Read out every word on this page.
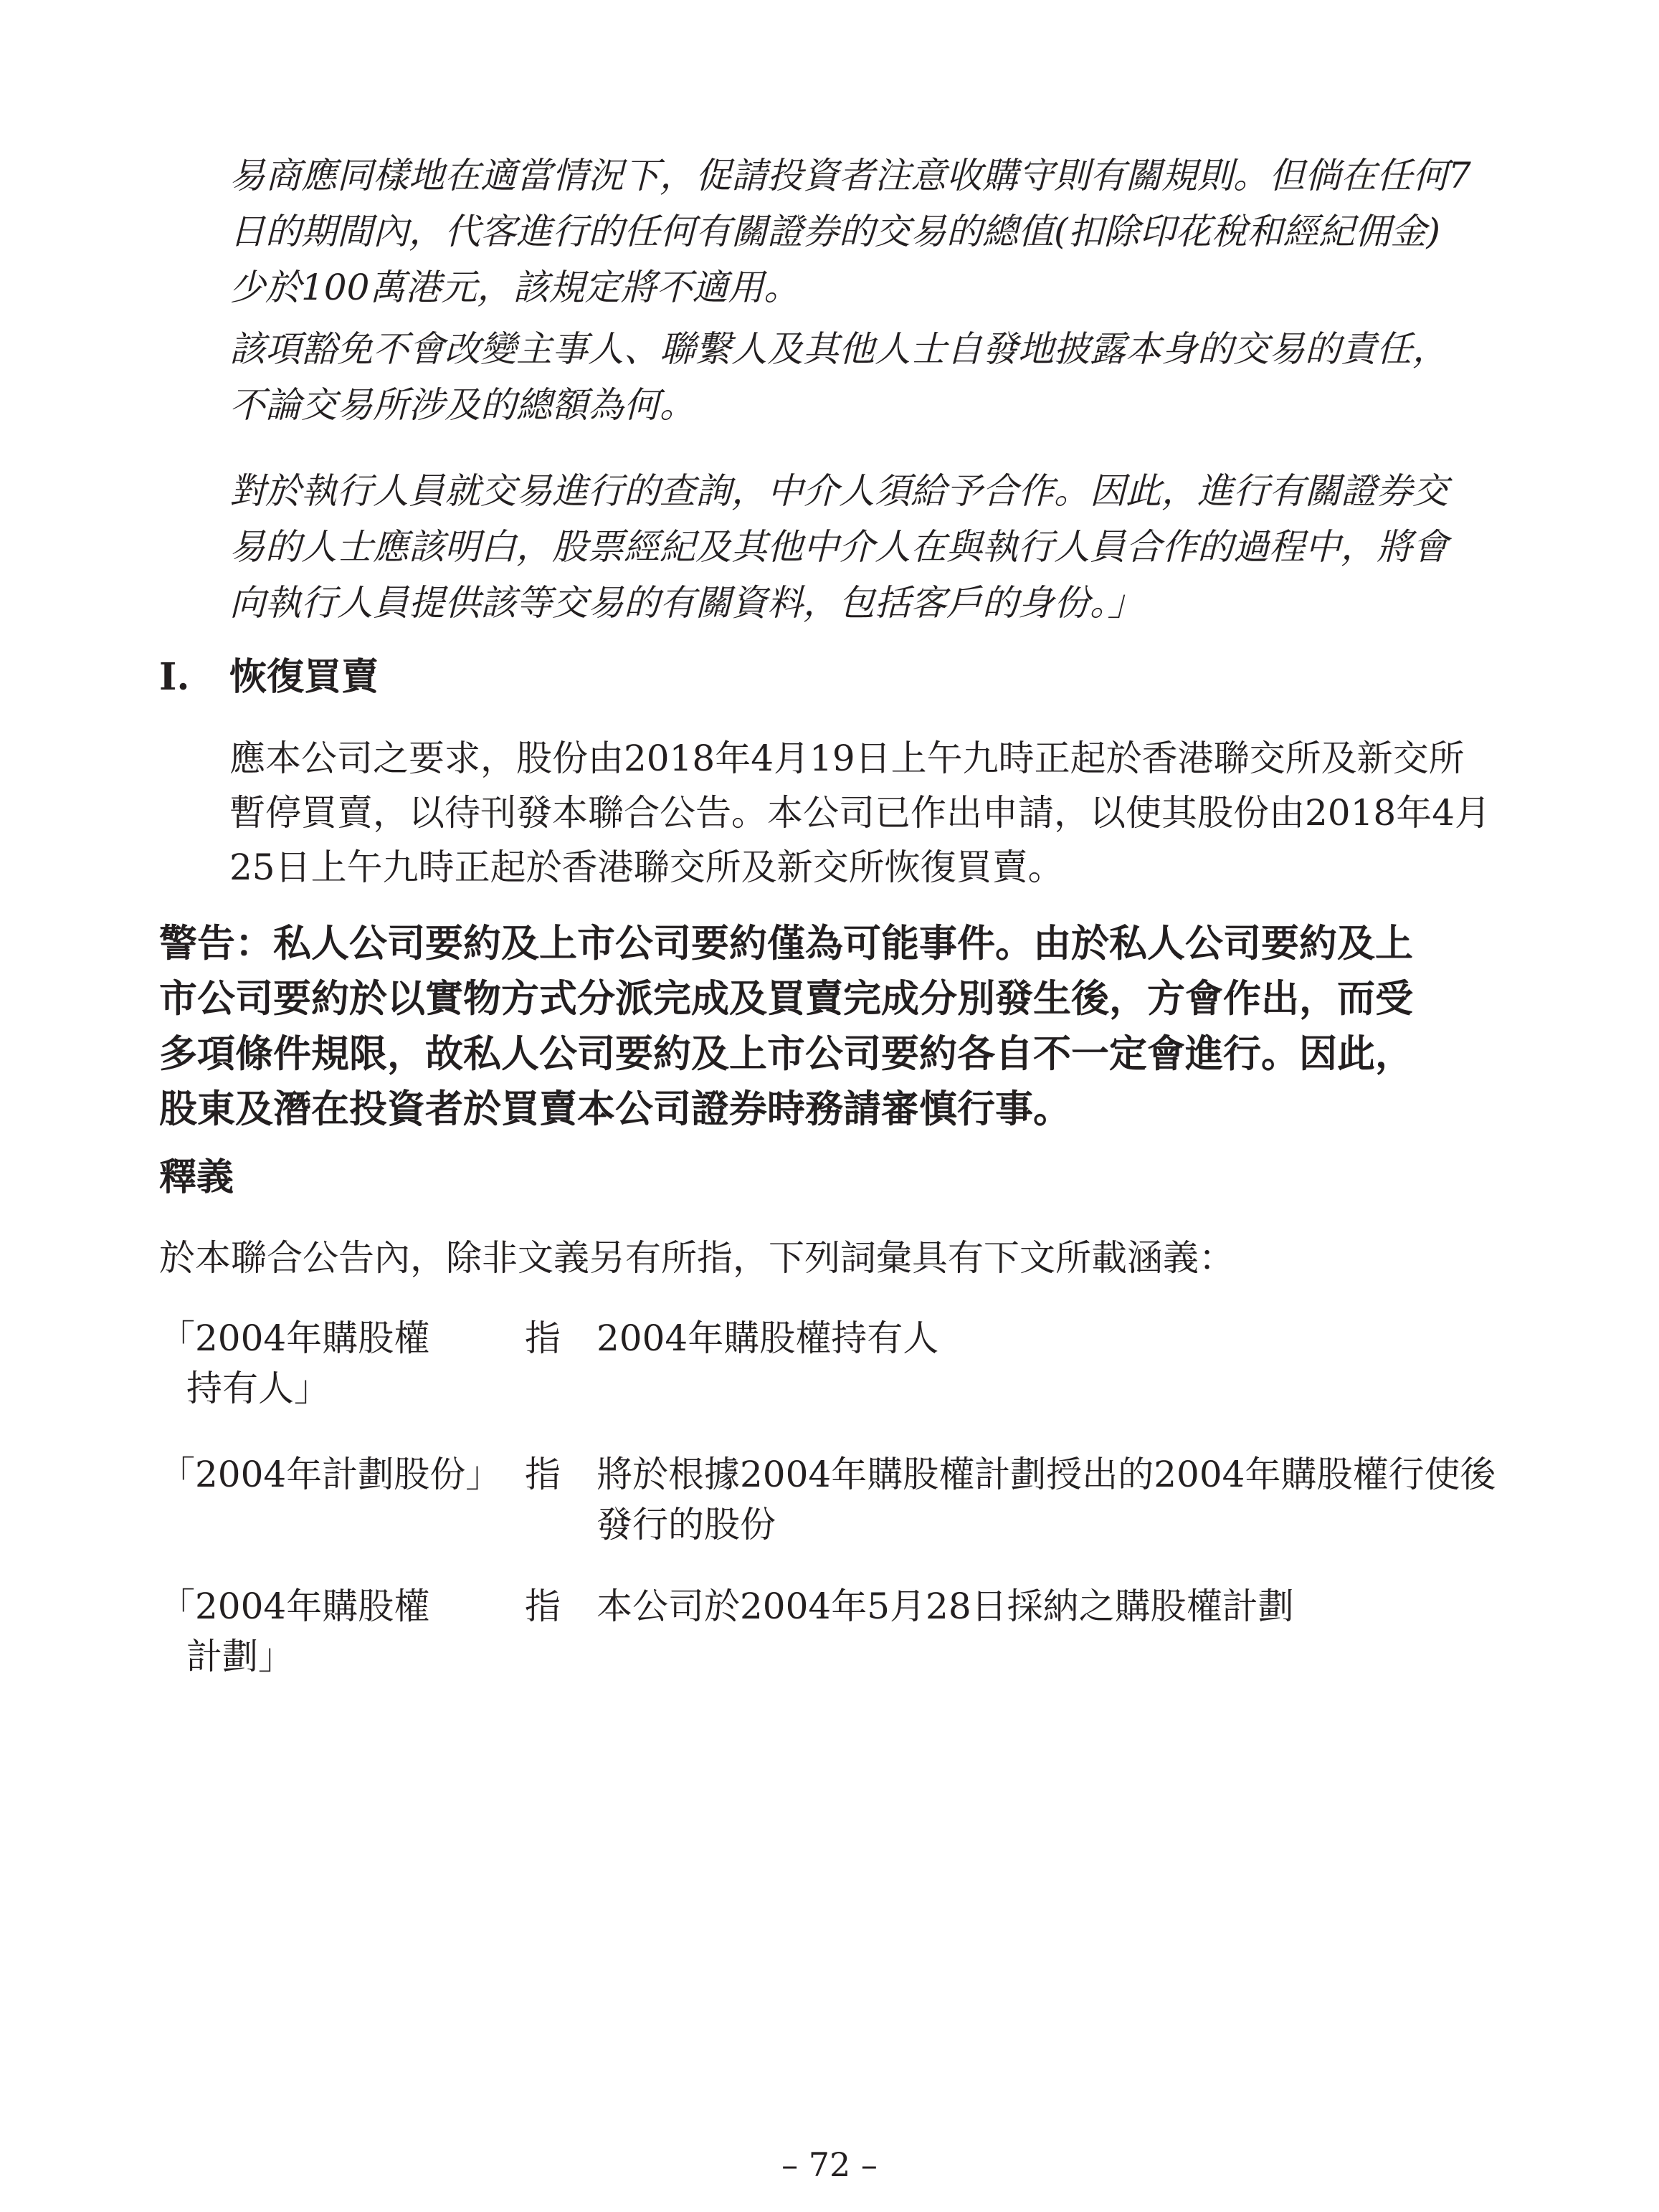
易商應同樣地在適當情況下，促請投資者注意收購守則有關規則。但倘在任何7
日的期間內，代客進行的任何有關證券的交易的總值(扣除印花稅和經紀佣金)
少於100萬港元，該規定將不適用。

該項豁免不會改變主事人、聯繫人及其他人士自發地披露本身的交易的責任，
不論交易所涉及的總額為何。

對於執行人員就交易進行的查詢，中介人須給予合作。因此，進行有關證券交
易的人士應該明白，股票經紀及其他中介人在與執行人員合作的過程中，將會
向執行人員提供該等交易的有關資料，包括客戶的身份。」

I. 恢復買賣

應本公司之要求，股份由2018年4月19日上午九時正起於香港聯交所及新交所
暫停買賣，以待刊發本聯合公告。本公司已作出申請，以使其股份由2018年4月
25日上午九時正起於香港聯交所及新交所恢復買賣。

警告：私人公司要約及上市公司要約僅為可能事件。由於私人公司要約及上
市公司要約於以實物方式分派完成及買賣完成分別發生後，方會作出，而受
多項條件規限，故私人公司要約及上市公司要約各自不一定會進行。因此，
股東及潛在投資者於買賣本公司證券時務請審慎行事。

釋義

於本聯合公告內，除非文義另有所指，下列詞彙具有下文所載涵義：

「2004年購股權
持有人」
指 2004年購股權持有人
「2004年計劃股份」 指 將於根據2004年購股權計劃授出的2004年購股權行使後
發行的股份
「2004年購股權
計劃」
指 本公司於2004年5月28日採納之購股權計劃

– 72 –
